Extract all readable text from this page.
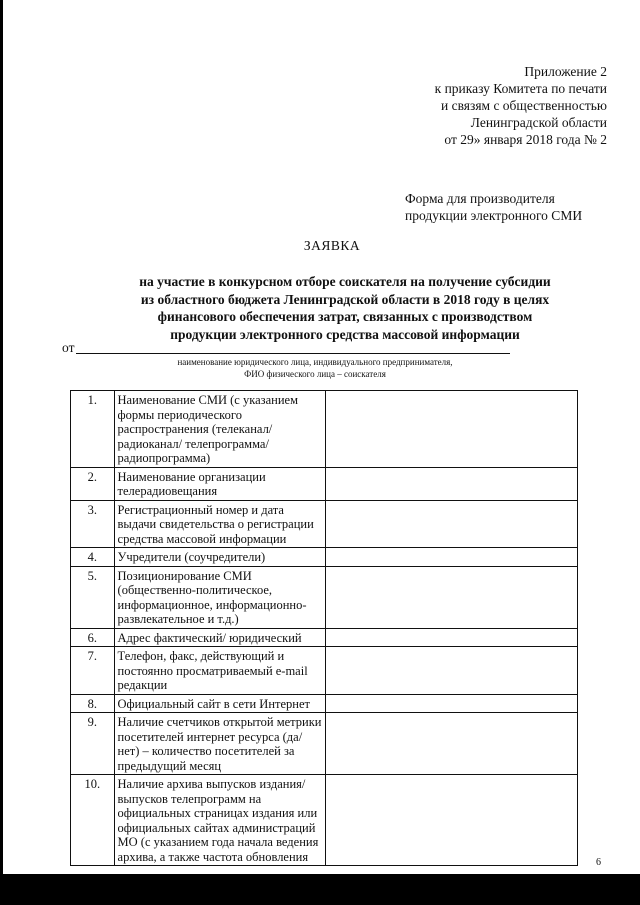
Приложение 2
к приказу Комитета по печати
и связям с общественностью
Ленинградской области
от 29» января 2018 года № 2
Форма для производителя
продукции электронного СМИ
ЗАЯВКА
на участие в конкурсном отборе соискателя на получение субсидии
из областного бюджета Ленинградской области в 2018 году в целях
финансового обеспечения затрат, связанных с производством
продукции электронного средства массовой информации
от
наименование юридического лица, индивидуального предпринимателя,
ФИО физического лица – соискателя
1.	Наименование СМИ (с указанием формы периодического распространения (телеканал/ радиоканал/ телепрограмма/ радиопрограмма)	
2.	Наименование организации телерадиовещания	
3.	Регистрационный номер и дата выдачи свидетельства о регистрации средства массовой информации	
4.	Учредители (соучредители)	
5.	Позиционирование СМИ (общественно-политическое, информационное, информационно-развлекательное и т.д.)	
6.	Адрес фактический/ юридический	
7.	Телефон, факс, действующий и постоянно просматриваемый e-mail редакции	
8.	Официальный сайт в сети Интернет	
9.	Наличие счетчиков открытой метрики посетителей интернет ресурса (да/нет) – количество посетителей за предыдущий месяц	
10.	Наличие архива выпусков издания/ выпусков телепрограмм на официальных страницах издания или официальных сайтах администраций МО (с указанием года начала ведения архива, а также частота обновления		6
